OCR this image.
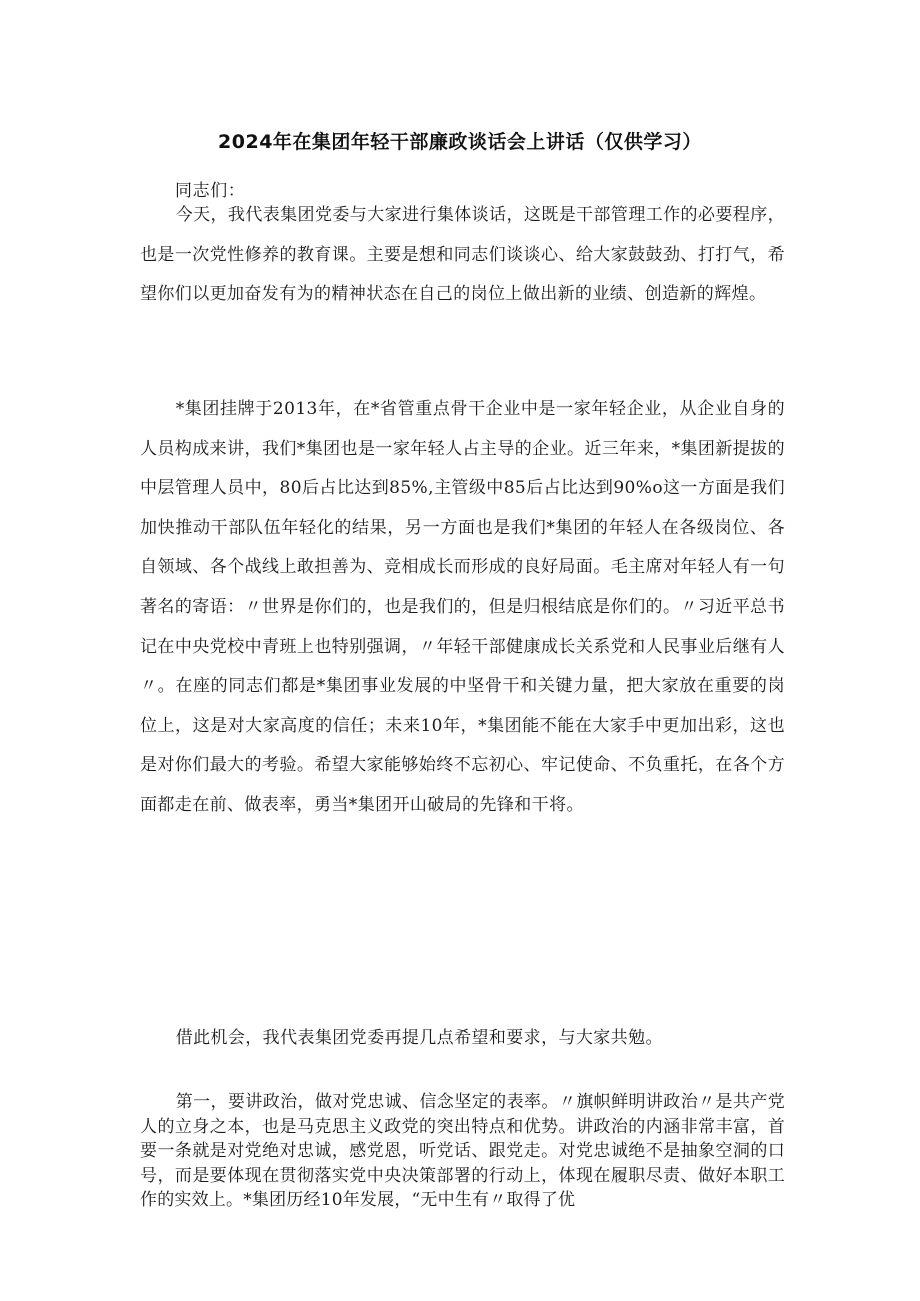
2024年在集团年轻干部廉政谈话会上讲话（仅供学习）

同志们：

今天，我代表集团党委与大家进行集体谈话，这既是干部管理工作的必要程序，也是一次党性修养的教育课。主要是想和同志们谈谈心、给大家鼓鼓劲、打打气，希望你们以更加奋发有为的精神状态在自己的岗位上做出新的业绩、创造新的辉煌。

*集团挂牌于2013年，在*省管重点骨干企业中是一家年轻企业，从企业自身的人员构成来讲，我们*集团也是一家年轻人占主导的企业。近三年来，*集团新提拔的中层管理人员中，80后占比达到85%,主管级中85后占比达到90%o这一方面是我们加快推动干部队伍年轻化的结果，另一方面也是我们*集团的年轻人在各级岗位、各自领域、各个战线上敢担善为、竞相成长而形成的良好局面。毛主席对年轻人有一句著名的寄语：〃世界是你们的，也是我们的，但是归根结底是你们的。〃习近平总书记在中央党校中青班上也特别强调，〃年轻干部健康成长关系党和人民事业后继有人〃。在座的同志们都是*集团事业发展的中坚骨干和关键力量，把大家放在重要的岗位上，这是对大家高度的信任；未来10年，*集团能不能在大家手中更加出彩，这也是对你们最大的考验。希望大家能够始终不忘初心、牢记使命、不负重托，在各个方面都走在前、做表率，勇当*集团开山破局的先锋和干将。

借此机会，我代表集团党委再提几点希望和要求，与大家共勉。

第一，要讲政治，做对党忠诚、信念坚定的表率。〃旗帜鲜明讲政治〃是共产党人的立身之本，也是马克思主义政党的突出特点和优势。讲政治的内涵非常丰富，首要一条就是对党绝对忠诚，感党恩，听党话、跟党走。对党忠诚绝不是抽象空洞的口号，而是要体现在贯彻落实党中央决策部署的行动上，体现在履职尽责、做好本职工作的实效上。*集团历经10年发展，“无中生有〃取得了优
